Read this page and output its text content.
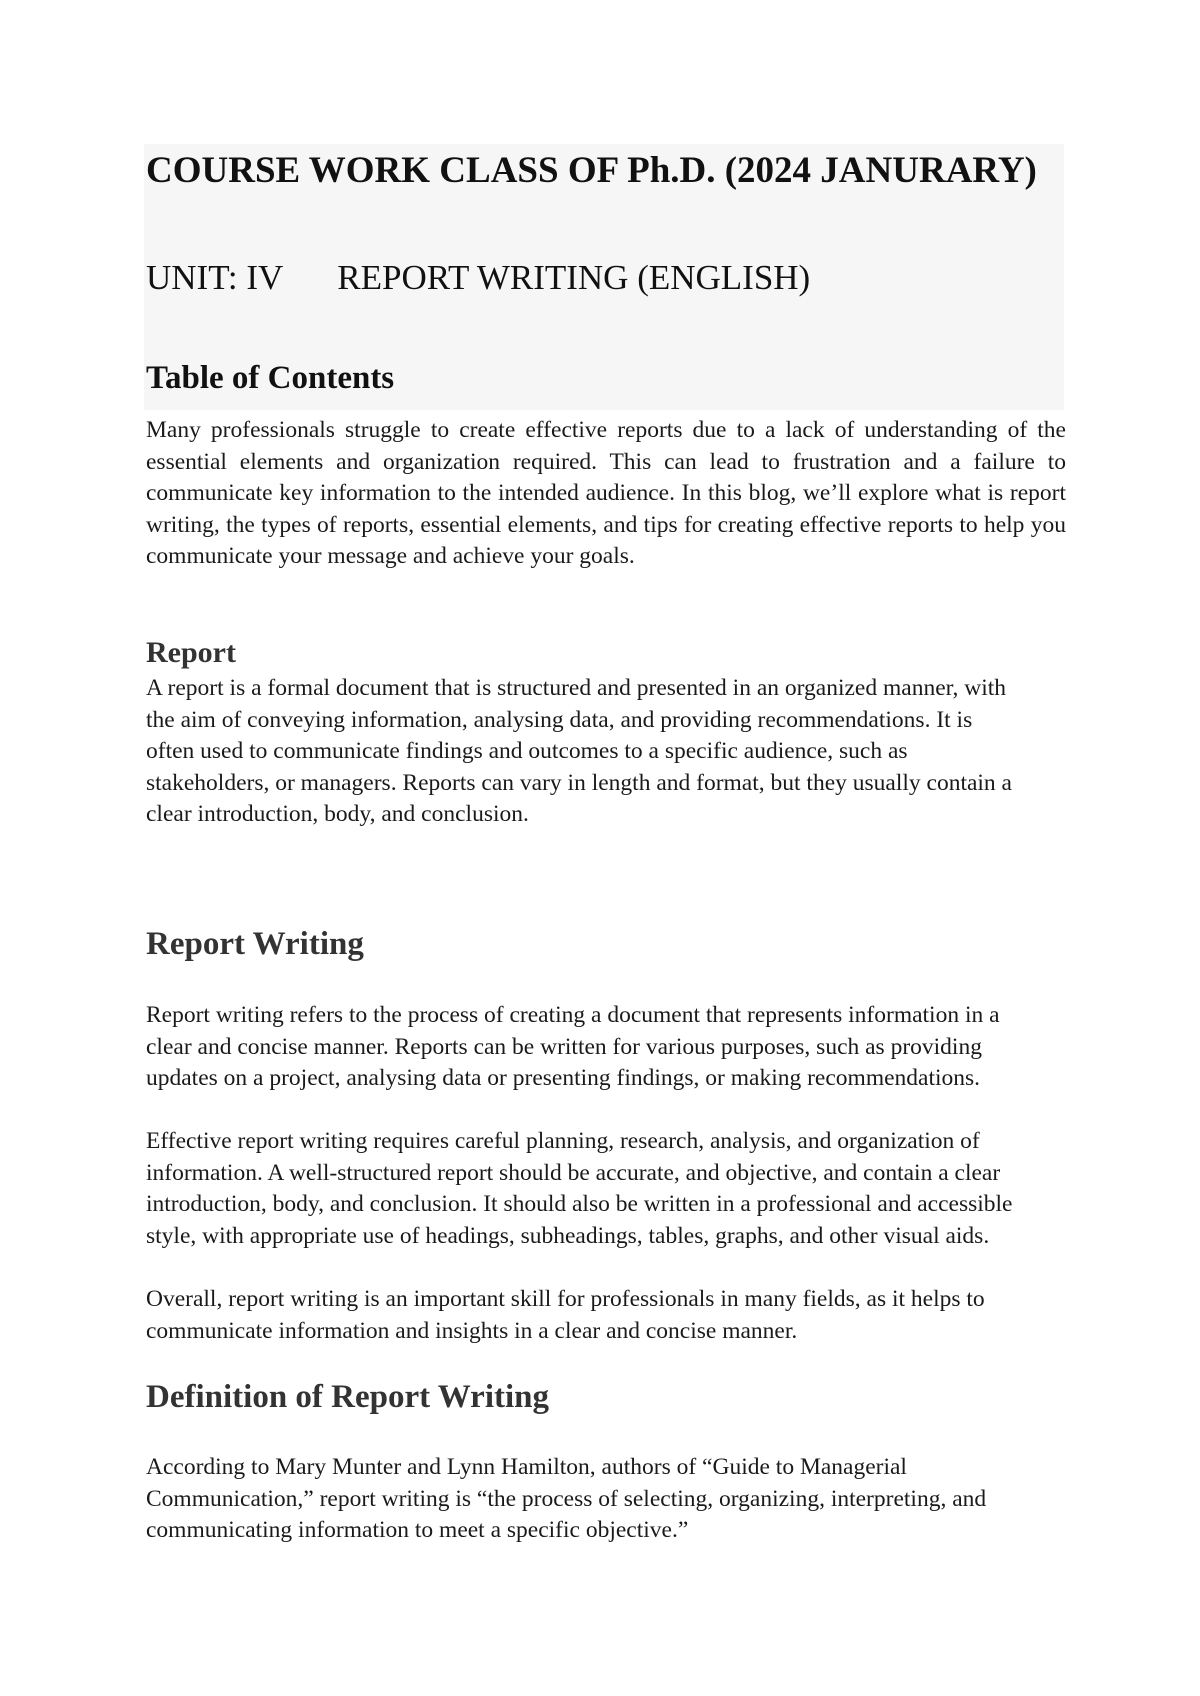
COURSE WORK CLASS OF Ph.D. (2024 JANURARY)

UNIT: IV REPORT WRITING (ENGLISH)

Table of Contents

Many professionals struggle to create effective reports due to a lack of understanding of the essential elements and organization required. This can lead to frustration and a failure to communicate key information to the intended audience. In this blog, we’ll explore what is report writing, the types of reports, essential elements, and tips for creating effective reports to help you communicate your message and achieve your goals.

Report

A report is a formal document that is structured and presented in an organized manner, with the aim of conveying information, analysing data, and providing recommendations. It is often used to communicate findings and outcomes to a specific audience, such as stakeholders, or managers. Reports can vary in length and format, but they usually contain a clear introduction, body, and conclusion.

Report Writing

Report writing refers to the process of creating a document that represents information in a clear and concise manner. Reports can be written for various purposes, such as providing updates on a project, analysing data or presenting findings, or making recommendations.

Effective report writing requires careful planning, research, analysis, and organization of information. A well-structured report should be accurate, and objective, and contain a clear introduction, body, and conclusion. It should also be written in a professional and accessible style, with appropriate use of headings, subheadings, tables, graphs, and other visual aids.

Overall, report writing is an important skill for professionals in many fields, as it helps to communicate information and insights in a clear and concise manner.

Definition of Report Writing

According to Mary Munter and Lynn Hamilton, authors of “Guide to Managerial Communication,” report writing is “the process of selecting, organizing, interpreting, and communicating information to meet a specific objective.”
